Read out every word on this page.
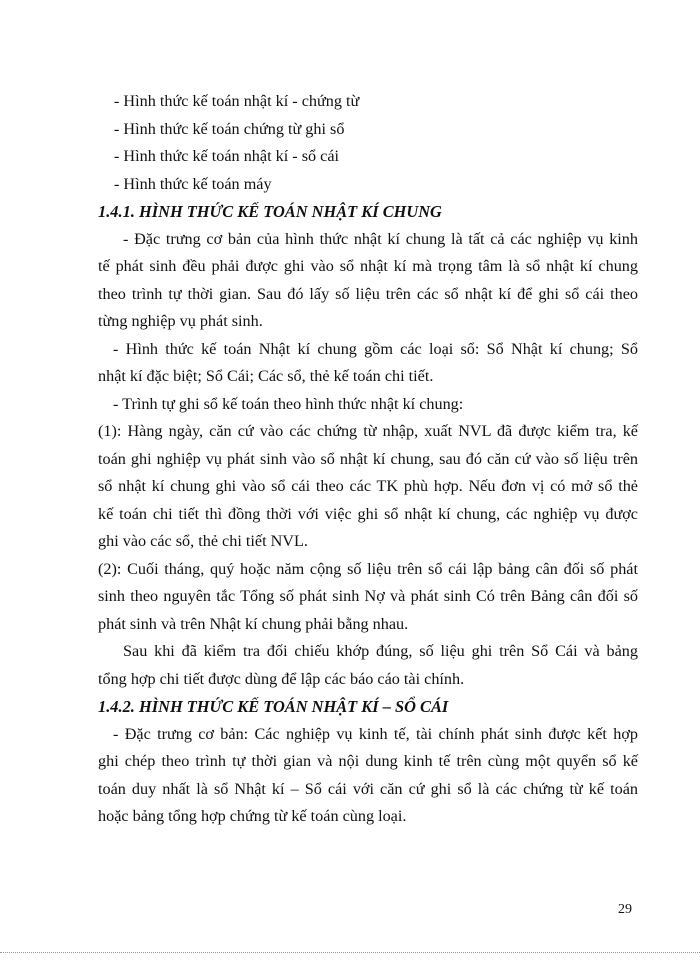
- Hình thức kế toán nhật kí - chứng từ

- Hình thức kế toán chứng từ ghi sổ

- Hình thức kế toán nhật kí - sổ cái

- Hình thức kế toán máy

1.4.1. HÌNH THỨC KẾ TOÁN NHẬT KÍ CHUNG

- Đặc trưng cơ bản của hình thức nhật kí chung là tất cả các nghiệp vụ kinh

tế phát sinh đều phải được ghi vào sổ nhật kí mà trọng tâm là sổ nhật kí chung

theo trình tự thời gian. Sau đó lấy số liệu trên các sổ nhật kí để ghi sổ cái theo

từng nghiệp vụ phát sinh.

- Hình thức kế toán Nhật kí chung gồm các loại sổ: Sổ Nhật kí chung; Sổ

nhật kí đặc biệt; Sổ Cái; Các sổ, thẻ kế toán chi tiết.

- Trình tự ghi sổ kế toán theo hình thức nhật kí chung:

(1): Hàng ngày, căn cứ vào các chứng từ nhập, xuất NVL đã được kiểm tra, kế

toán ghi nghiệp vụ phát sinh vào sổ nhật kí chung, sau đó căn cứ vào số liệu trên

sổ nhật kí chung ghi vào sổ cái theo các TK phù hợp. Nếu đơn vị có mở sổ thẻ

kế toán chi tiết thì đồng thời với việc ghi sổ nhật kí chung, các nghiệp vụ được

ghi vào các sổ, thẻ chi tiết NVL.

(2): Cuối tháng, quý hoặc năm cộng số liệu trên sổ cái lập bảng cân đối số phát

sinh theo nguyên tắc Tổng số phát sinh Nợ và phát sinh Có trên Bảng cân đối số

phát sinh và trên Nhật kí chung phải bằng nhau.

Sau khi đã kiểm tra đối chiếu khớp đúng, số liệu ghi trên Sổ Cái và bảng

tổng hợp chi tiết được dùng để lập các báo cáo tài chính.

1.4.2. HÌNH THỨC KẾ TOÁN NHẬT KÍ – SỔ CÁI

- Đặc trưng cơ bản: Các nghiệp vụ kinh tế, tài chính phát sinh được kết hợp

ghi chép theo trình tự thời gian và nội dung kinh tế trên cùng một quyển sổ kế

toán duy nhất là sổ Nhật kí – Sổ cái với căn cứ ghi sổ là các chứng từ kế toán

hoặc bảng tổng hợp chứng từ kế toán cùng loại.

29
